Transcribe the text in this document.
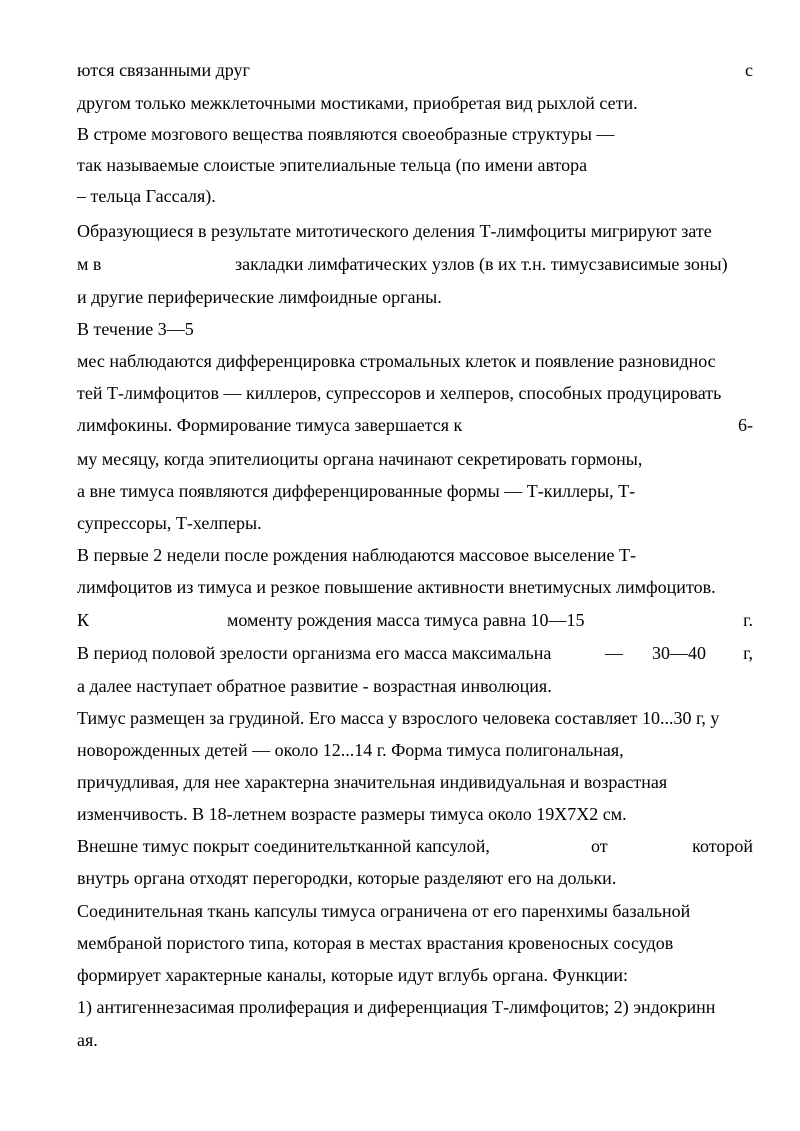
ются связанными друг

	с

другом только межклеточными мостиками, приобретая вид рыхлой сети.
В строме мозгового вещества появляются своеобразные структуры —
так называемые слоистые эпителиальные тельца (по имени автора
– тельца Гассаля).
Образующиеся в результате митотического деления Т-лимфоциты мигрируют зате

м в

	закладки лимфатических узлов (в их т.н. тимусзависимые зоны)

и другие периферические лимфоидные органы.
В течение 3—5
мес наблюдаются дифференцировка стромальных клеток и появление разновиднос
тей Т-лимфоцитов — киллеров, супрессоров и хелперов, способных продуцировать

лимфокины. Формирование тимуса завершается к

	6-

му месяцу, когда эпителиоциты органа начинают секретировать гормоны,
а вне тимуса появляются дифференцированные формы — Т-киллеры, Т-
супрессоры, Т-хелперы.
В первые 2 недели после рождения наблюдаются массовое выселение Т-
лимфоцитов из тимуса и резкое повышение активности внетимусных лимфоцитов.

К

	моменту рождения масса тимуса равна 10—15

	г.

В период половой зрелости организма его масса максимальна

	—

30—40

г,

а далее наступает обратное развитие - возрастная инволюция.
Тимус размещен за грудиной. Его масса у взрослого человека составляет 10...30 г, у
новорожденных детей — около 12...14 г. Форма тимуса полигональная,
причудливая, для нее характерна значительная индивидуальная и возрастная
изменчивость. В 18-летнем возрасте размеры тимуса около 19Х7Х2 см.

Внешне тимус покрыт соединительтканной капсулой,

	от

	которой

внутрь органа отходят перегородки, которые разделяют его на дольки.
Соединительная ткань капсулы тимуса ограничена от его паренхимы базальной
мембраной пористого типа, которая в местах врастания кровеносных сосудов
формирует характерные каналы, которые идут вглубь органа. Функции:
1) антигеннезасимая пролиферация и диференциация Т-лимфоцитов; 2) эндокринн
ая.
